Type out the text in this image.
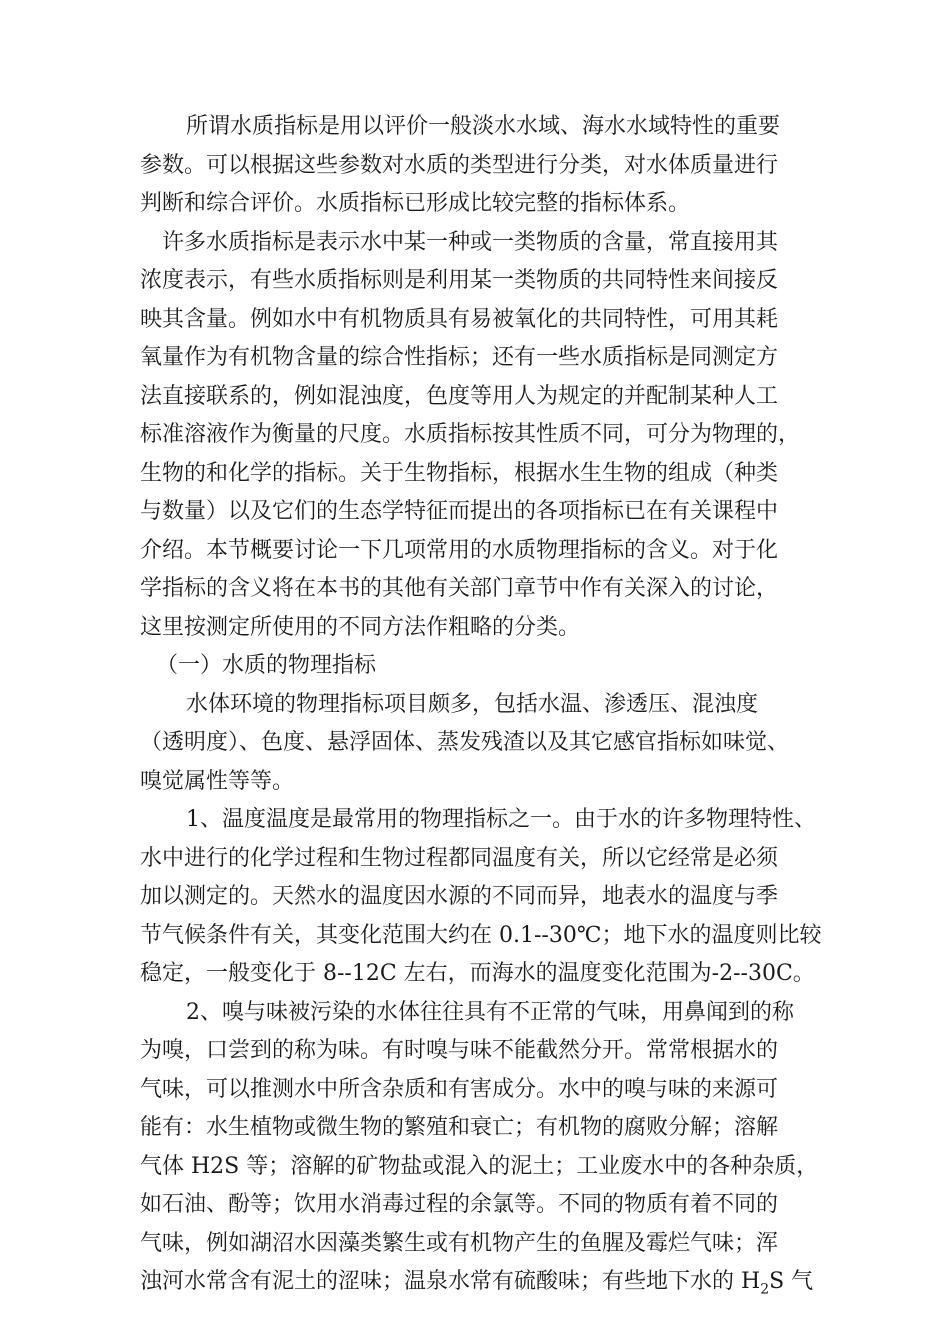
所谓水质指标是用以评价一般淡水水域、海水水域特性的重要
参数。可以根据这些参数对水质的类型进行分类，对水体质量进行
判断和综合评价。水质指标已形成比较完整的指标体系。
许多水质指标是表示水中某一种或一类物质的含量，常直接用其
浓度表示，有些水质指标则是利用某一类物质的共同特性来间接反
映其含量。例如水中有机物质具有易被氧化的共同特性，可用其耗
氧量作为有机物含量的综合性指标；还有一些水质指标是同测定方
法直接联系的，例如混浊度，色度等用人为规定的并配制某种人工
标准溶液作为衡量的尺度。水质指标按其性质不同，可分为物理的，
生物的和化学的指标。关于生物指标，根据水生生物的组成（种类
与数量）以及它们的生态学特征而提出的各项指标已在有关课程中
介绍。本节概要讨论一下几项常用的水质物理指标的含义。对于化
学指标的含义将在本书的其他有关部门章节中作有关深入的讨论，
这里按测定所使用的不同方法作粗略的分类。
（一）水质的物理指标
水体环境的物理指标项目颇多，包括水温、渗透压、混浊度
（透明度）、色度、悬浮固体、蒸发残渣以及其它感官指标如味觉、
嗅觉属性等等。
1、温度温度是最常用的物理指标之一。由于水的许多物理特性、
水中进行的化学过程和生物过程都同温度有关，所以它经常是必须
加以测定的。天然水的温度因水源的不同而异，地表水的温度与季
节气候条件有关，其变化范围大约在 0.1--30℃；地下水的温度则比较
稳定，一般变化于 8--12C 左右，而海水的温度变化范围为-2--30C。
2、嗅与味被污染的水体往往具有不正常的气味，用鼻闻到的称
为嗅，口尝到的称为味。有时嗅与味不能截然分开。常常根据水的
气味，可以推测水中所含杂质和有害成分。水中的嗅与味的来源可
能有：水生植物或微生物的繁殖和衰亡；有机物的腐败分解；溶解
气体 H2S 等；溶解的矿物盐或混入的泥土；工业废水中的各种杂质，
如石油、酚等；饮用水消毒过程的余氯等。不同的物质有着不同的
气味，例如湖沼水因藻类繁生或有机物产生的鱼腥及霉烂气味；浑
浊河水常含有泥土的涩味；温泉水常有硫酸味；有些地下水的 $H_2S$ 气
